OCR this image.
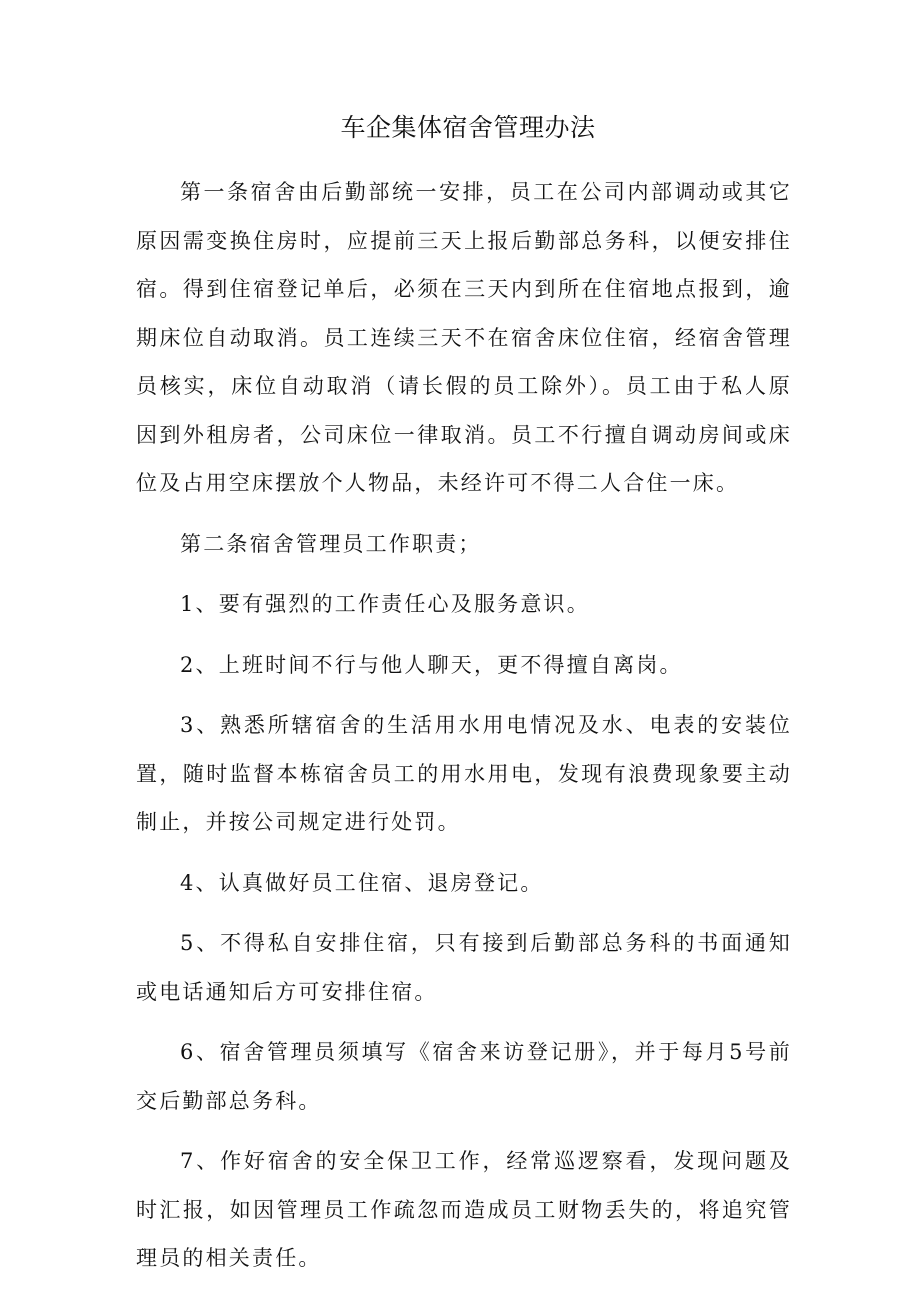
车企集体宿舍管理办法

第一条宿舍由后勤部统一安排，员工在公司内部调动或其它原因需变换住房时，应提前三天上报后勤部总务科，以便安排住宿。得到住宿登记单后，必须在三天内到所在住宿地点报到，逾期床位自动取消。员工连续三天不在宿舍床位住宿，经宿舍管理员核实，床位自动取消（请长假的员工除外）。员工由于私人原因到外租房者，公司床位一律取消。员工不行擅自调动房间或床位及占用空床摆放个人物品，未经许可不得二人合住一床。

第二条宿舍管理员工作职责；

1、要有强烈的工作责任心及服务意识。

2、上班时间不行与他人聊天，更不得擅自离岗。

3、熟悉所辖宿舍的生活用水用电情况及水、电表的安装位置，随时监督本栋宿舍员工的用水用电，发现有浪费现象要主动制止，并按公司规定进行处罚。

4、认真做好员工住宿、退房登记。

5、不得私自安排住宿，只有接到后勤部总务科的书面通知或电话通知后方可安排住宿。

6、宿舍管理员须填写《宿舍来访登记册》，并于每月5号前交后勤部总务科。

7、作好宿舍的安全保卫工作，经常巡逻察看，发现问题及时汇报，如因管理员工作疏忽而造成员工财物丢失的，将追究管理员的相关责任。
